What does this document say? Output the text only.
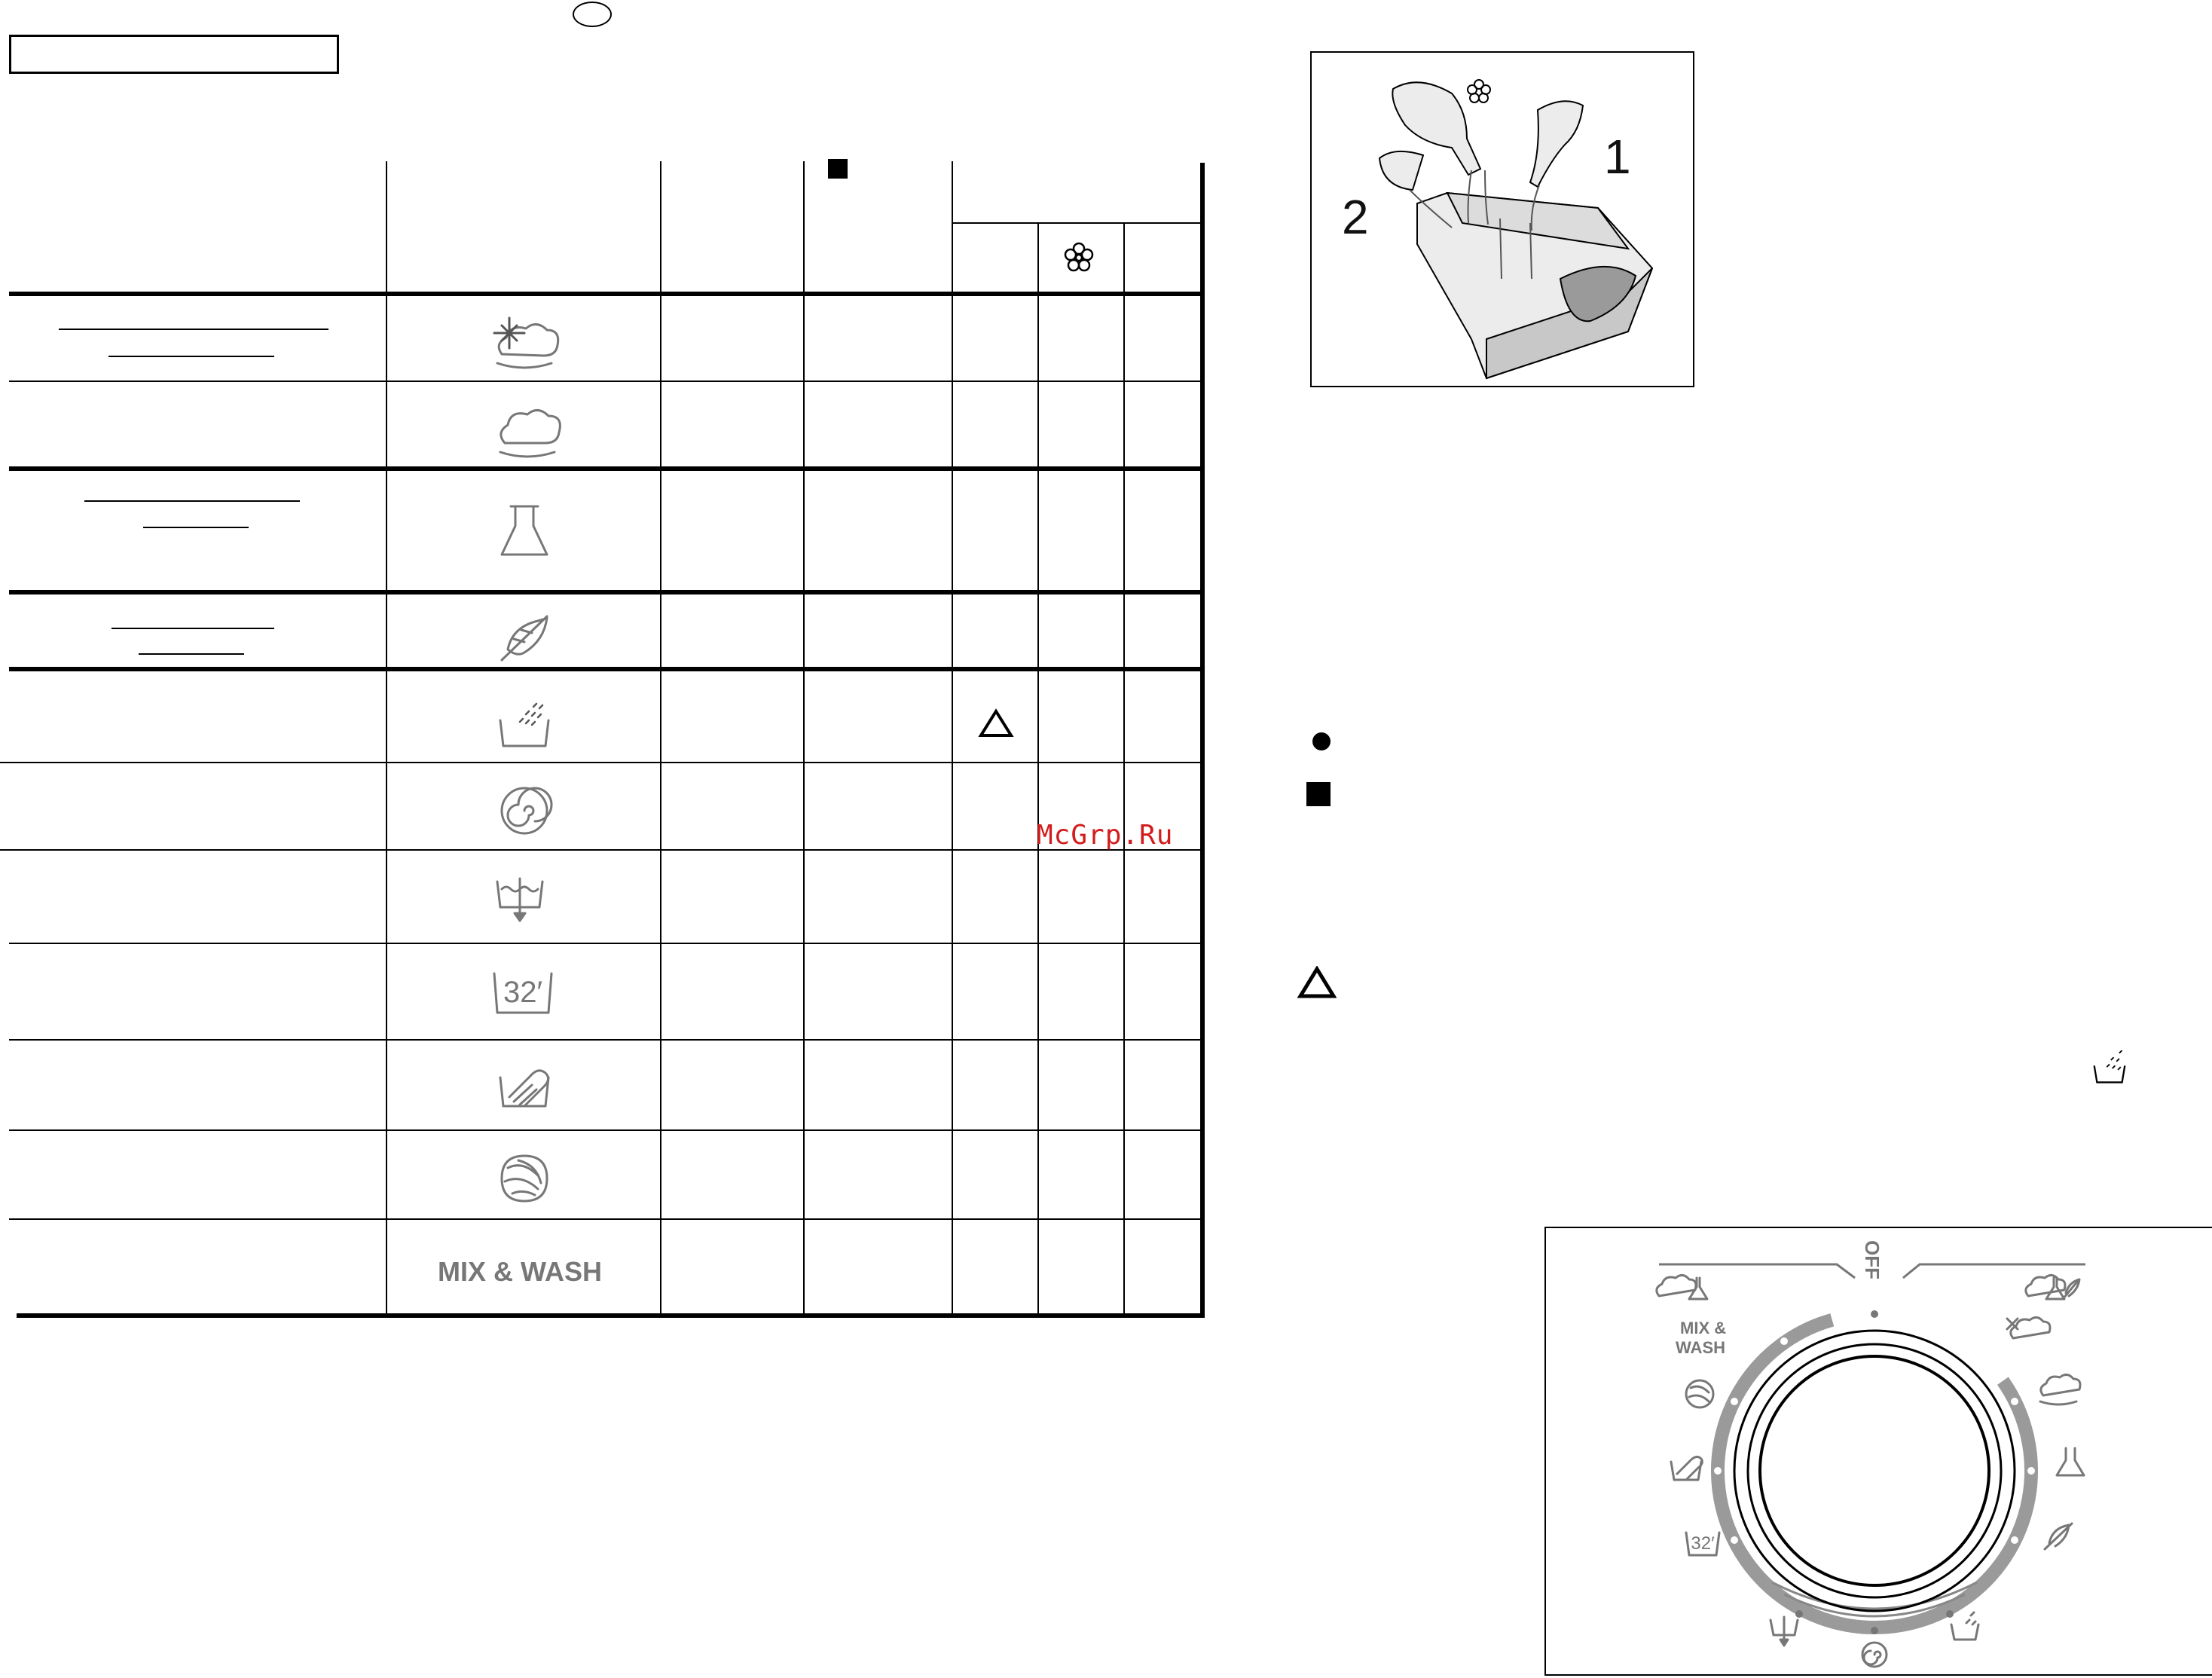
32′
MIX & WASH
McGrp.Ru
1
2
OFF
MIX &
WASH
32′
